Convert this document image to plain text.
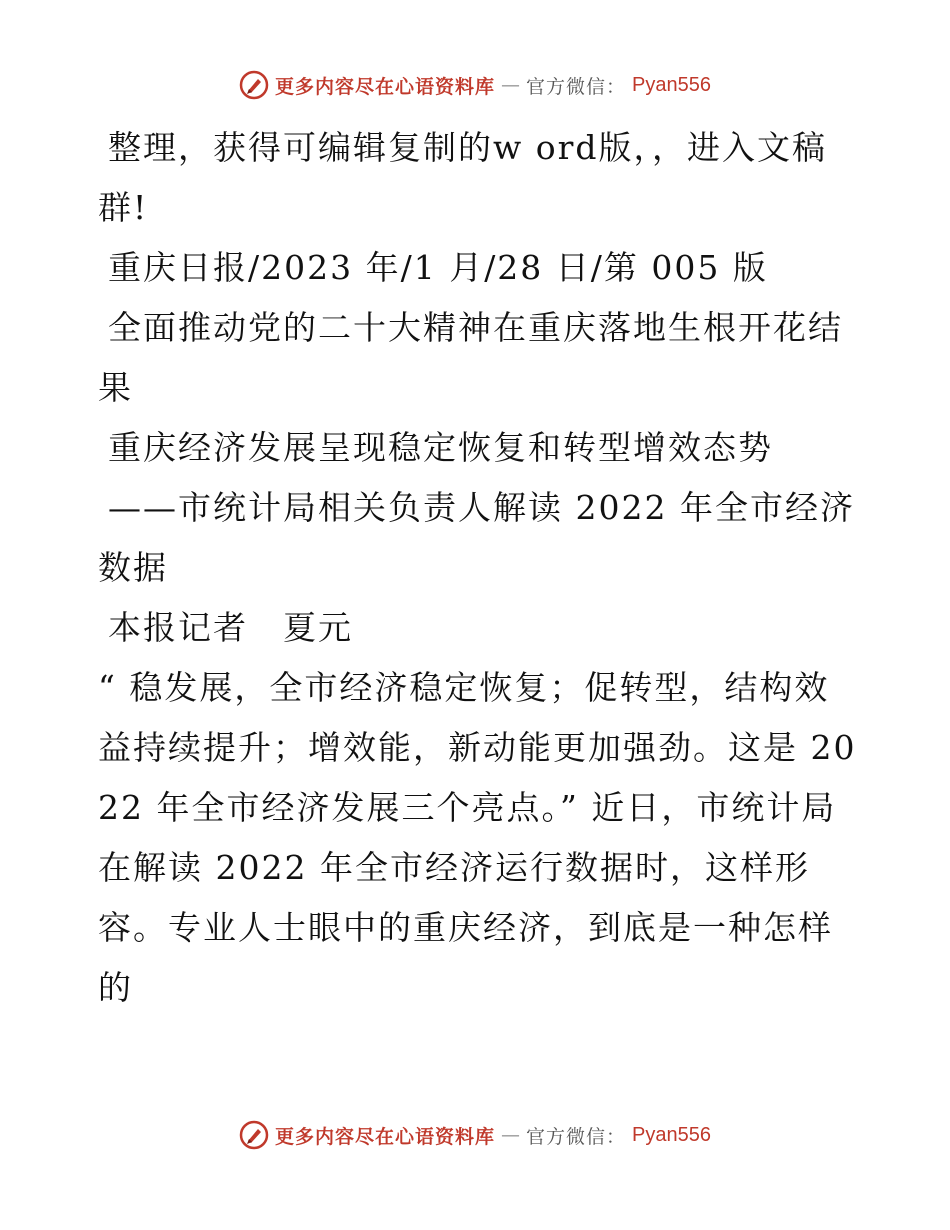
更多内容尽在心语资料库 — 官方微信： Pyan556

整理，获得可编辑复制的w ord版，，进入文稿群!

重庆日报/2023 年/1 月/28 日/第 005 版

全面推动党的二十大精神在重庆落地生根开花结果

重庆经济发展呈现稳定恢复和转型增效态势

——市统计局相关负责人解读 2022 年全市经济数据

本报记者　夏元

“ 稳发展，全市经济稳定恢复；促转型，结构效益持续提升；增效能，新动能更加强劲。这是 2022 年全市经济发展三个亮点。” 近日，市统计局在解读 2022 年全市经济运行数据时，这样形容。专业人士眼中的重庆经济，到底是一种怎样的

更多内容尽在心语资料库 — 官方微信： Pyan556
